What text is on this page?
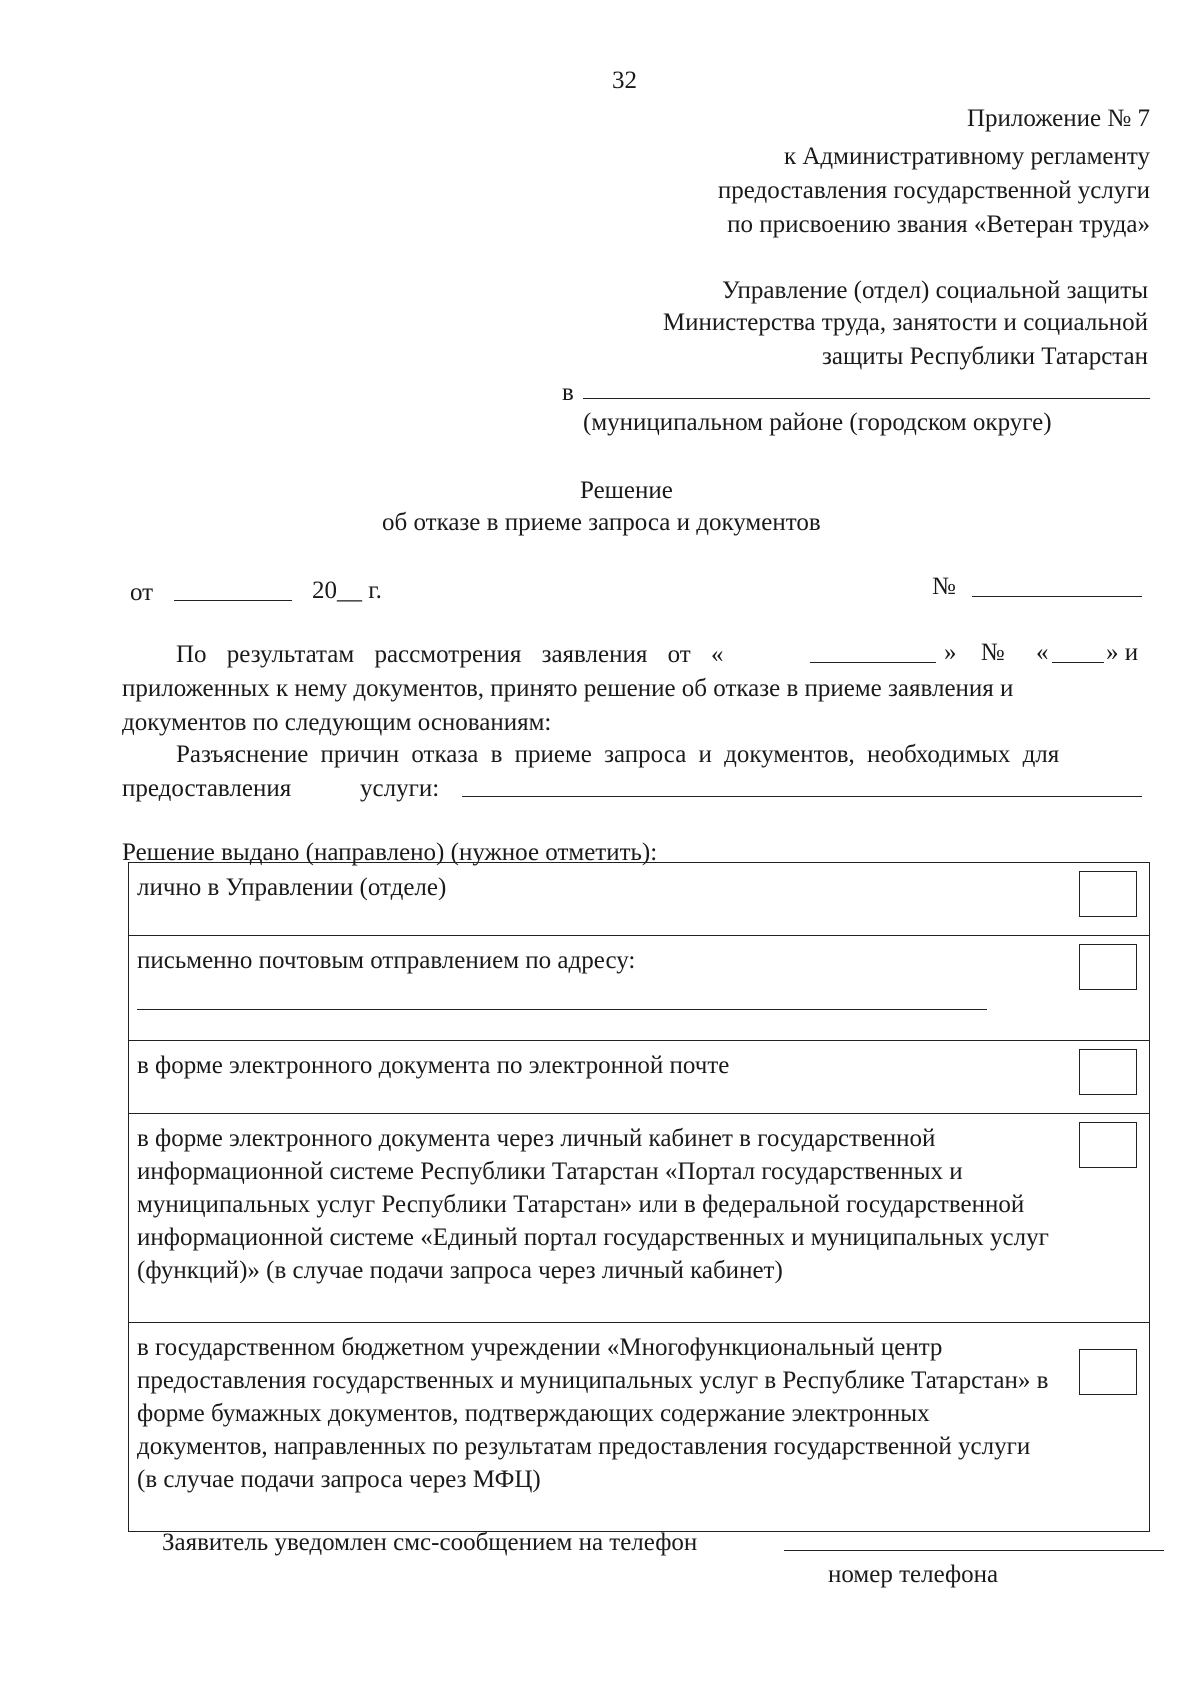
32
Приложение № 7
к Административному регламенту
предоставления государственной услуги
по присвоению звания «Ветеран труда»
Управление (отдел) социальной защиты
Министерства труда, занятости и социальной
защиты Республики Татарстан
в
(муниципальном районе (городском округе)
Решение
об отказе в приеме запроса и документов
от	20__ г.	№
По результатам рассмотрения заявления от «	» № « » и
приложенных к нему документов, принято решение об отказе в приеме заявления и
документов по следующим основаниям:
Разъяснение причин отказа в приеме запроса и документов, необходимых для
предоставления	услуги:
Решение выдано (направлено) (нужное отметить):
лично в Управлении (отделе)	

письменно почтовым отправлением по адресу:

в форме электронного документа по электронной почте	

в форме электронного документа через личный кабинет в государственной информационной системе Республики Татарстан «Портал государственных и муниципальных услуг Республики Татарстан» или в федеральной государственной информационной системе «Единый портал государственных и муниципальных услуг (функций)» (в случае подачи запроса через личный кабинет)	

в государственном бюджетном учреждении «Многофункциональный центр предоставления государственных и муниципальных услуг в Республике Татарстан» в форме бумажных документов, подтверждающих содержание электронных документов, направленных по результатам предоставления государственной услуги (в случае подачи запроса через МФЦ)	
Заявитель уведомлен смс-сообщением на телефон
номер телефона
